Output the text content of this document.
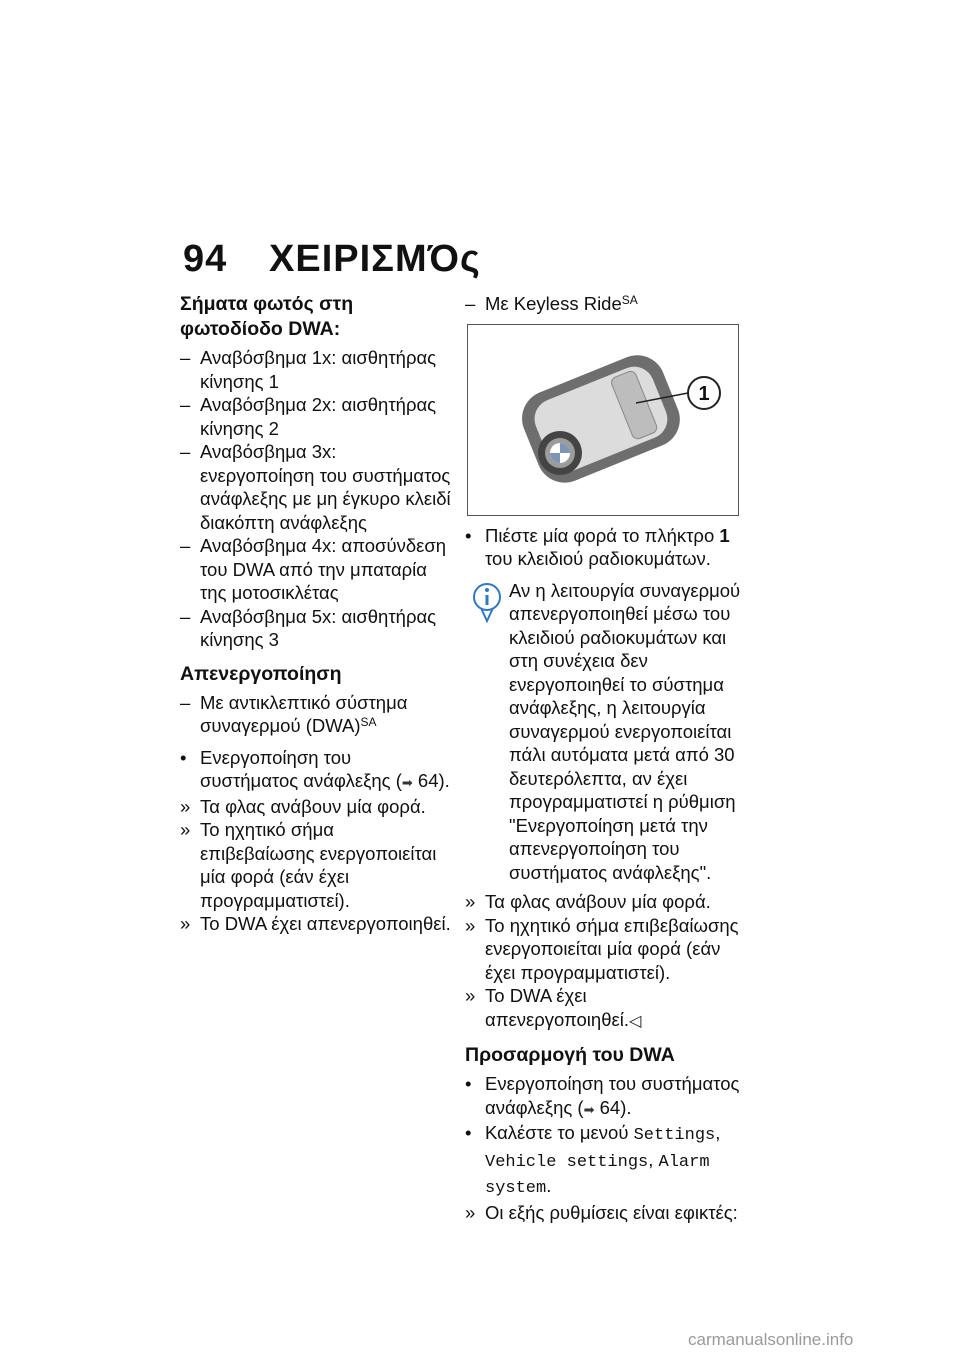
94 ΧΕΙΡΙΣΜΌς

Σήματα φωτός στη φωτοδίοδο DWA:

– Αναβόσβημα 1x: αισθητήρας κίνησης 1

– Αναβόσβημα 2x: αισθητήρας κίνησης 2

– Αναβόσβημα 3x: ενεργοποίηση του συστήματος ανάφλεξης με μη έγκυρο κλειδί διακόπτη ανάφλεξης

– Αναβόσβημα 4x: αποσύνδεση του DWA από την μπαταρία της μοτοσικλέτας

– Αναβόσβημα 5x: αισθητήρας κίνησης 3

Απενεργοποίηση

– Με αντικλεπτικό σύστημα συναγερμού (DWA)$^{SA}$

• Ενεργοποίηση του συστήματος ανάφλεξης (➡ 64).

» Τα φλας ανάβουν μία φορά.

» Το ηχητικό σήμα επιβεβαίωσης ενεργοποιείται μία φορά (εάν έχει προγραμματιστεί).

» Το DWA έχει απενεργοποιηθεί.

– Με Keyless Ride$^{SA}$

1

• Πιέστε μία φορά το πλήκτρο 1 του κλειδιού ραδιοκυμάτων.

Αν η λειτουργία συναγερμού απενεργοποιηθεί μέσω του κλειδιού ραδιοκυμάτων και στη συνέχεια δεν ενεργοποιηθεί το σύστημα ανάφλεξης, η λειτουργία συναγερμού ενεργοποιείται πάλι αυτόματα μετά από 30 δευτερόλεπτα, αν έχει προγραμματιστεί η ρύθμιση "Ενεργοποίηση μετά την απενεργοποίηση του συστήματος ανάφλεξης".

» Τα φλας ανάβουν μία φορά.

» Το ηχητικό σήμα επιβεβαίωσης ενεργοποιείται μία φορά (εάν έχει προγραμματιστεί).

» Το DWA έχει απενεργοποιηθεί.◁

Προσαρμογή του DWA

• Ενεργοποίηση του συστήματος ανάφλεξης (➡ 64).

• Καλέστε το μενού Settings, Vehicle settings, Alarm system.

» Οι εξής ρυθμίσεις είναι εφικτές:

carmanualsonline.info
